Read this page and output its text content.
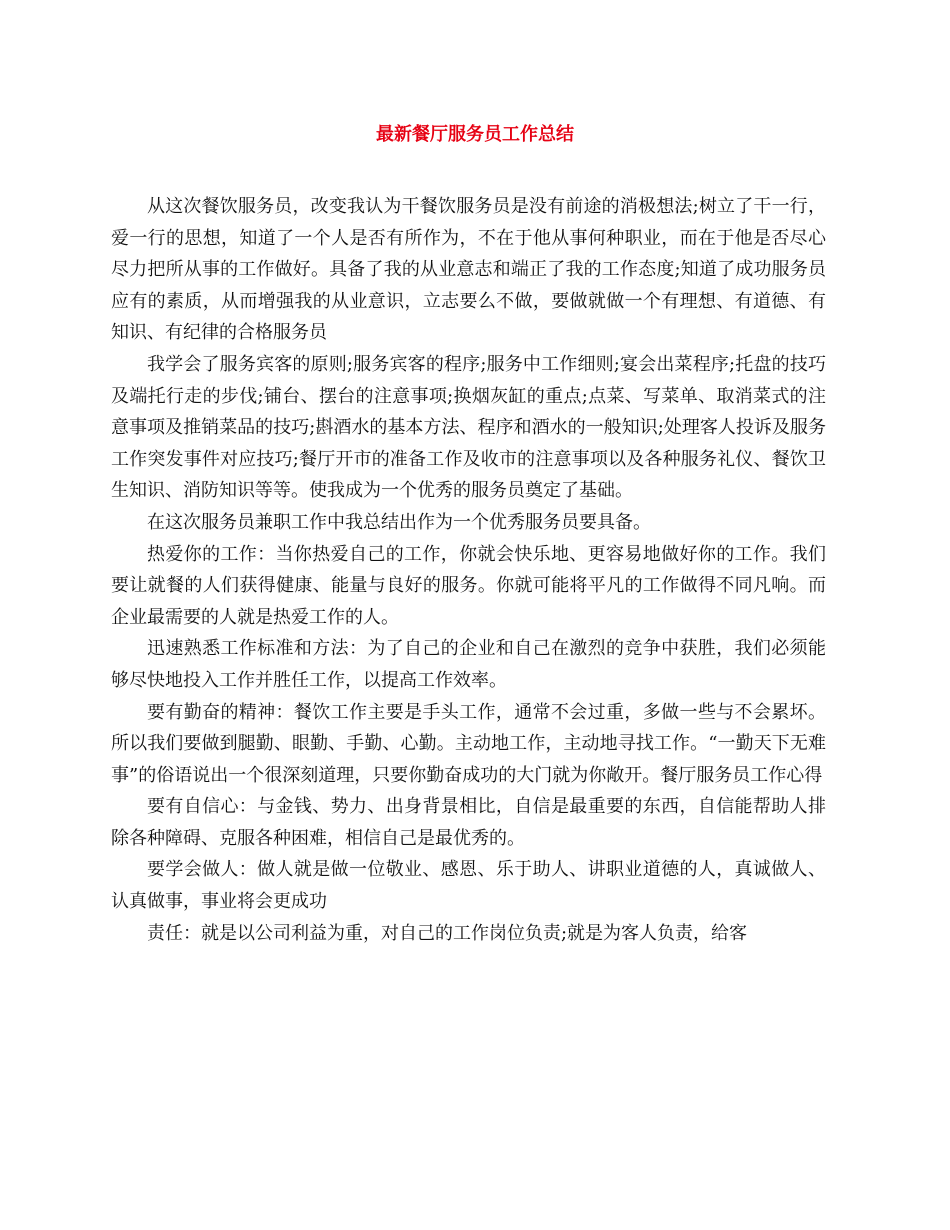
最新餐厅服务员工作总结

从这次餐饮服务员，改变我认为干餐饮服务员是没有前途的消极想法;树立了干一行，爱一行的思想，知道了一个人是否有所作为，不在于他从事何种职业，而在于他是否尽心尽力把所从事的工作做好。具备了我的从业意志和端正了我的工作态度;知道了成功服务员应有的素质，从而增强我的从业意识，立志要么不做，要做就做一个有理想、有道德、有知识、有纪律的合格服务员

我学会了服务宾客的原则;服务宾客的程序;服务中工作细则;宴会出菜程序;托盘的技巧及端托行走的步伐;铺台、摆台的注意事项;换烟灰缸的重点;点菜、写菜单、取消菜式的注意事项及推销菜品的技巧;斟酒水的基本方法、程序和酒水的一般知识;处理客人投诉及服务工作突发事件对应技巧;餐厅开市的准备工作及收市的注意事项以及各种服务礼仪、餐饮卫生知识、消防知识等等。使我成为一个优秀的服务员奠定了基础。

在这次服务员兼职工作中我总结出作为一个优秀服务员要具备。

热爱你的工作：当你热爱自己的工作，你就会快乐地、更容易地做好你的工作。我们要让就餐的人们获得健康、能量与良好的服务。你就可能将平凡的工作做得不同凡响。而企业最需要的人就是热爱工作的人。

迅速熟悉工作标准和方法：为了自己的企业和自己在激烈的竞争中获胜，我们必须能够尽快地投入工作并胜任工作，以提高工作效率。

要有勤奋的精神：餐饮工作主要是手头工作，通常不会过重，多做一些与不会累坏。所以我们要做到腿勤、眼勤、手勤、心勤。主动地工作，主动地寻找工作。“一勤天下无难事”的俗语说出一个很深刻道理，只要你勤奋成功的大门就为你敞开。餐厅服务员工作心得

要有自信心：与金钱、势力、出身背景相比，自信是最重要的东西，自信能帮助人排除各种障碍、克服各种困难，相信自己是最优秀的。

要学会做人：做人就是做一位敬业、感恩、乐于助人、讲职业道德的人，真诚做人、认真做事，事业将会更成功

责任：就是以公司利益为重，对自己的工作岗位负责;就是为客人负责，给客
